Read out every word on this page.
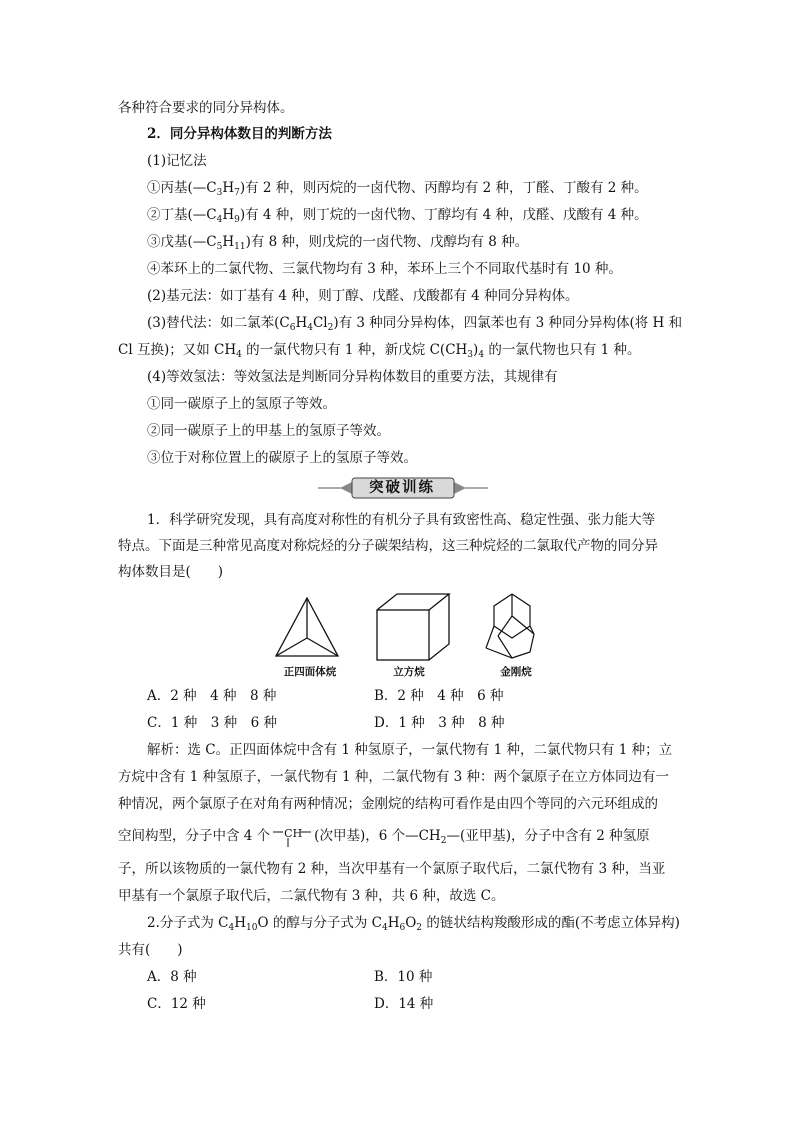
各种符合要求的同分异构体。
2．同分异构体数目的判断方法
(1)记忆法
①丙基$(—C_3H_7)$有 2 种，则丙烷的一卤代物、丙醇均有 2 种，丁醛、丁酸有 2 种。
②丁基$(—C_4H_9)$有 4 种，则丁烷的一卤代物、丁醇均有 4 种，戊醛、戊酸有 4 种。
③戊基$(—C_5H_{11})$有 8 种，则戊烷的一卤代物、戊醇均有 8 种。
④苯环上的二氯代物、三氯代物均有 3 种，苯环上三个不同取代基时有 10 种。
(2)基元法：如丁基有 4 种，则丁醇、戊醛、戊酸都有 4 种同分异构体。
(3)替代法：如二氯苯$(C_6H_4Cl_2)$有 3 种同分异构体，四氯苯也有 3 种同分异构体(将 H 和
Cl 互换)；又如 $CH_4$ 的一氯代物只有 1 种，新戊烷 $C(CH_3)_4$ 的一氯代物也只有 1 种。
(4)等效氢法：等效氢法是判断同分异构体数目的重要方法，其规律有
①同一碳原子上的氢原子等效。
②同一碳原子上的甲基上的氢原子等效。
③位于对称位置上的碳原子上的氢原子等效。
突破训练
1．科学研究发现，具有高度对称性的有机分子具有致密性高、稳定性强、张力能大等
特点。下面是三种常见高度对称烷烃的分子碳架结构，这三种烷烃的二氯取代产物的同分异
构体数目是(　　)
正四面体烷	立方烷	金刚烷
A．2 种　4 种　8 种	B．2 种　4 种　6 种
C．1 种　3 种　6 种	D．1 种　3 种　8 种
解析：选 C。正四面体烷中含有 1 种氢原子，一氯代物有 1 种，二氯代物只有 1 种；立
方烷中含有 1 种氢原子，一氯代物有 1 种，二氯代物有 3 种：两个氯原子在立方体同边有一
种情况，两个氯原子在对角有两种情况；金刚烷的结构可看作是由四个等同的六元环组成的
空间构型，分子中含 4 个 CH (次甲基)，6 个$—CH_2—$(亚甲基)，分子中含有 2 种氢原
子，所以该物质的一氯代物有 2 种，当次甲基有一个氯原子取代后，二氯代物有 3 种，当亚
甲基有一个氯原子取代后，二氯代物有 3 种，共 6 种，故选 C。
2.分子式为 $C_4H_{10}O$ 的醇与分子式为 $C_4H_6O_2$ 的链状结构羧酸形成的酯(不考虑立体异构)
共有(　　)
A．8 种	B．10 种
C．12 种	D．14 种
